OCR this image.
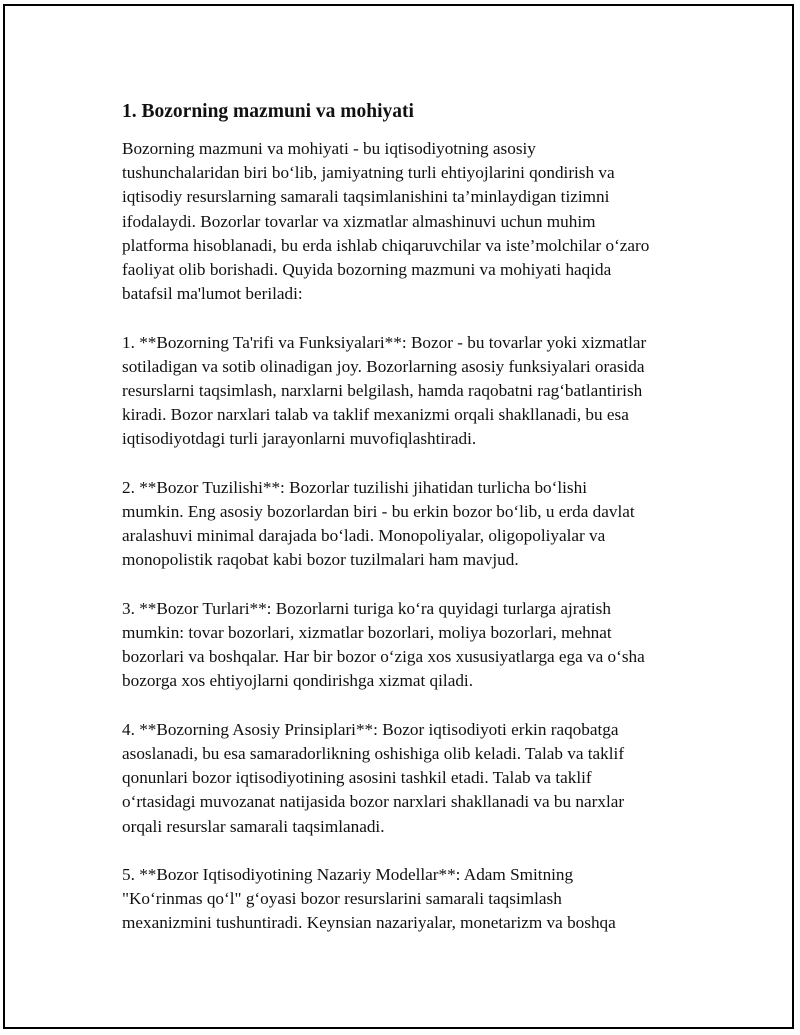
1. Bozorning mazmuni va mohiyati
Bozorning mazmuni va mohiyati - bu iqtisodiyotning asosiy
tushunchalaridan biri bo‘lib, jamiyatning turli ehtiyojlarini qondirish va
iqtisodiy resurslarning samarali taqsimlanishini ta’minlaydigan tizimni
ifodalaydi. Bozorlar tovarlar va xizmatlar almashinuvi uchun muhim
platforma hisoblanadi, bu erda ishlab chiqaruvchilar va iste’molchilar o‘zaro
faoliyat olib borishadi. Quyida bozorning mazmuni va mohiyati haqida
batafsil ma'lumot beriladi:
1. **Bozorning Ta'rifi va Funksiyalari**: Bozor - bu tovarlar yoki xizmatlar
sotiladigan va sotib olinadigan joy. Bozorlarning asosiy funksiyalari orasida
resurslarni taqsimlash, narxlarni belgilash, hamda raqobatni rag‘batlantirish
kiradi. Bozor narxlari talab va taklif mexanizmi orqali shakllanadi, bu esa
iqtisodiyotdagi turli jarayonlarni muvofiqlashtiradi.
2. **Bozor Tuzilishi**: Bozorlar tuzilishi jihatidan turlicha bo‘lishi
mumkin. Eng asosiy bozorlardan biri - bu erkin bozor bo‘lib, u erda davlat
aralashuvi minimal darajada bo‘ladi. Monopoliyalar, oligopoliyalar va
monopolistik raqobat kabi bozor tuzilmalari ham mavjud.
3. **Bozor Turlari**: Bozorlarni turiga ko‘ra quyidagi turlarga ajratish
mumkin: tovar bozorlari, xizmatlar bozorlari, moliya bozorlari, mehnat
bozorlari va boshqalar. Har bir bozor o‘ziga xos xususiyatlarga ega va o‘sha
bozorga xos ehtiyojlarni qondirishga xizmat qiladi.
4. **Bozorning Asosiy Prinsiplari**: Bozor iqtisodiyoti erkin raqobatga
asoslanadi, bu esa samaradorlikning oshishiga olib keladi. Talab va taklif
qonunlari bozor iqtisodiyotining asosini tashkil etadi. Talab va taklif
o‘rtasidagi muvozanat natijasida bozor narxlari shakllanadi va bu narxlar
orqali resurslar samarali taqsimlanadi.
5. **Bozor Iqtisodiyotining Nazariy Modellar**: Adam Smitning
"Ko‘rinmas qo‘l" g‘oyasi bozor resurslarini samarali taqsimlash
mexanizmini tushuntiradi. Keynsian nazariyalar, monetarizm va boshqa
